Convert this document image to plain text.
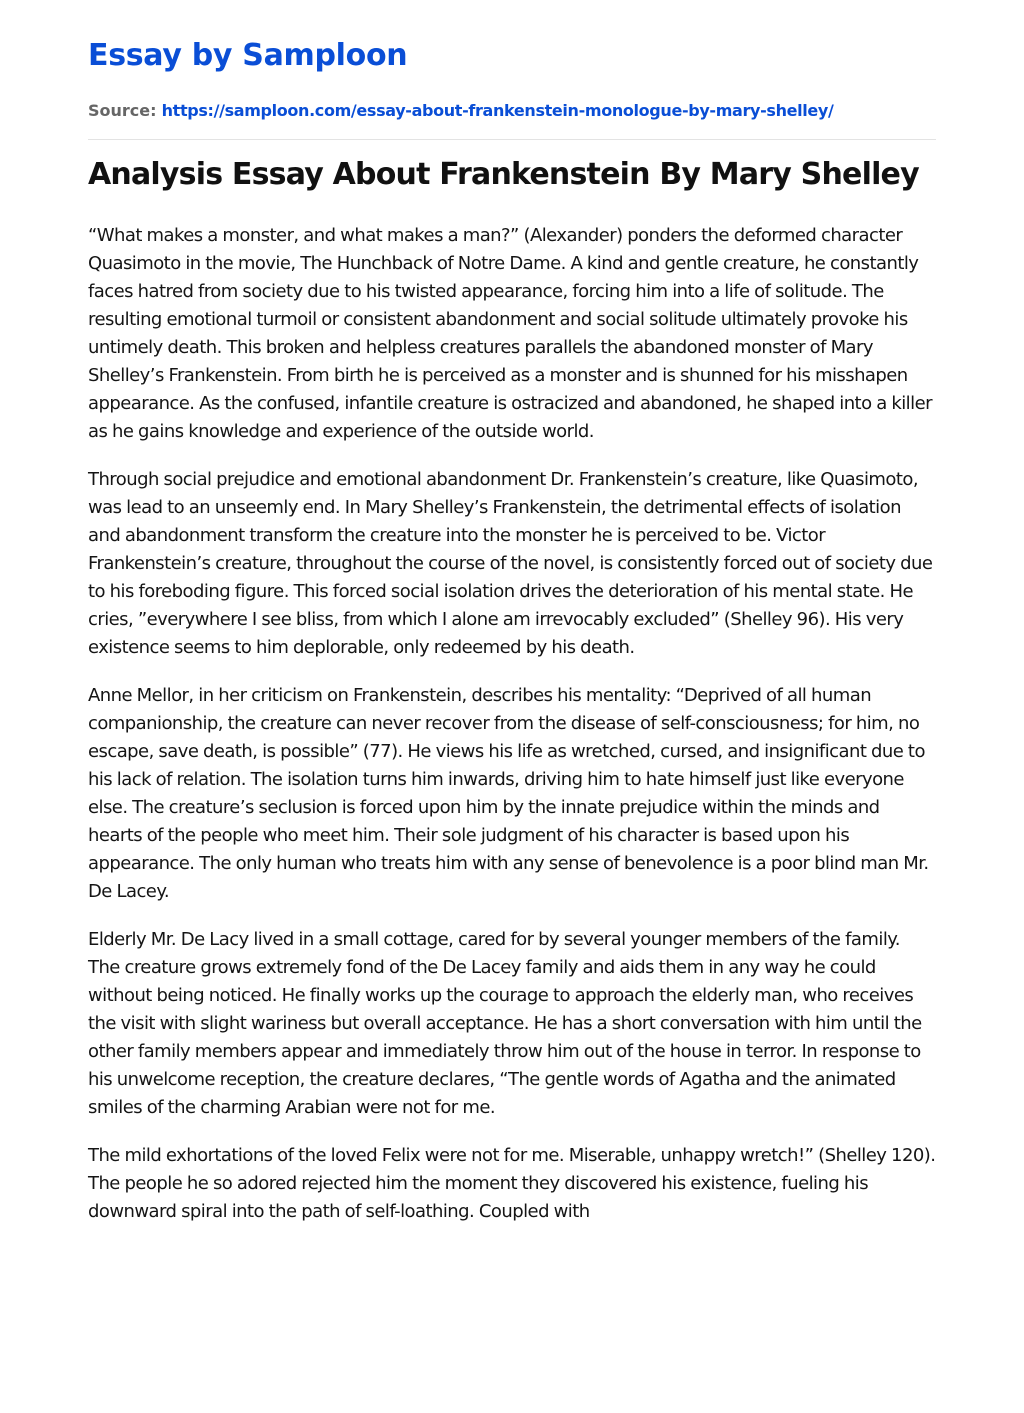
Essay by Samploon
Source: https://samploon.com/essay-about-frankenstein-monologue-by-mary-shelley/
Analysis Essay About Frankenstein By Mary Shelley

“What makes a monster, and what makes a man?” (Alexander) ponders the deformed character Quasimoto in the movie, The Hunchback of Notre Dame. A kind and gentle creature, he constantly faces hatred from society due to his twisted appearance, forcing him into a life of solitude. The resulting emotional turmoil or consistent abandonment and social solitude ultimately provoke his untimely death. This broken and helpless creatures parallels the abandoned monster of Mary Shelley’s Frankenstein. From birth he is perceived as a monster and is shunned for his misshapen appearance. As the confused, infantile creature is ostracized and abandoned, he shaped into a killer as he gains knowledge and experience of the outside world.

Through social prejudice and emotional abandonment Dr. Frankenstein’s creature, like Quasimoto, was lead to an unseemly end. In Mary Shelley’s Frankenstein, the detrimental effects of isolation and abandonment transform the creature into the monster he is perceived to be. Victor Frankenstein’s creature, throughout the course of the novel, is consistently forced out of society due to his foreboding figure. This forced social isolation drives the deterioration of his mental state. He cries, ”everywhere I see bliss, from which I alone am irrevocably excluded” (Shelley 96). His very existence seems to him deplorable, only redeemed by his death.

Anne Mellor, in her criticism on Frankenstein, describes his mentality: “Deprived of all human companionship, the creature can never recover from the disease of self-consciousness; for him, no escape, save death, is possible” (77). He views his life as wretched, cursed, and insignificant due to his lack of relation. The isolation turns him inwards, driving him to hate himself just like everyone else. The creature’s seclusion is forced upon him by the innate prejudice within the minds and hearts of the people who meet him. Their sole judgment of his character is based upon his appearance. The only human who treats him with any sense of benevolence is a poor blind man Mr. De Lacey.

Elderly Mr. De Lacy lived in a small cottage, cared for by several younger members of the family. The creature grows extremely fond of the De Lacey family and aids them in any way he could without being noticed. He finally works up the courage to approach the elderly man, who receives the visit with slight wariness but overall acceptance. He has a short conversation with him until the other family members appear and immediately throw him out of the house in terror. In response to his unwelcome reception, the creature declares, “The gentle words of Agatha and the animated smiles of the charming Arabian were not for me.

The mild exhortations of the loved Felix were not for me. Miserable, unhappy wretch!” (Shelley 120). The people he so adored rejected him the moment they discovered his existence, fueling his downward spiral into the path of self-loathing. Coupled with
